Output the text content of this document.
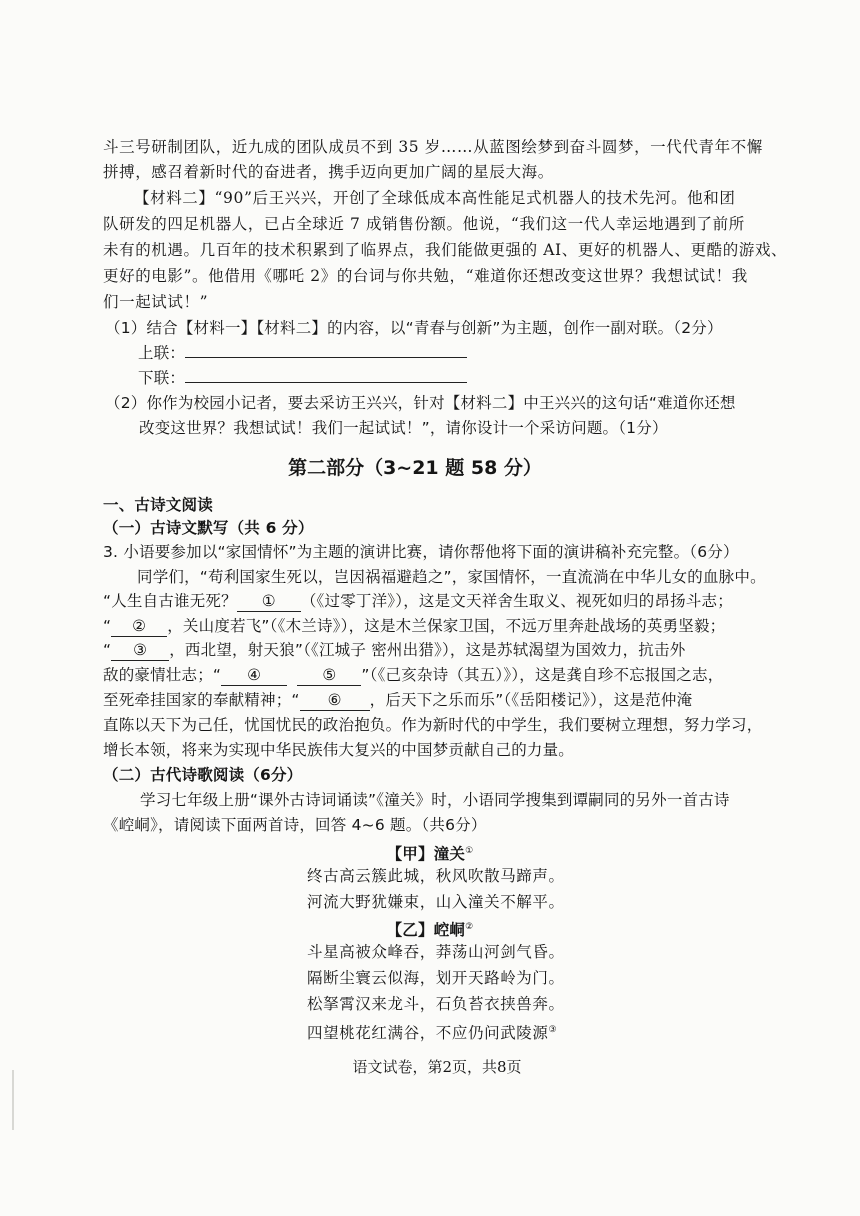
斗三号研制团队，近九成的团队成员不到 35 岁……从蓝图绘梦到奋斗圆梦，一代代青年不懈
拼搏，感召着新时代的奋进者，携手迈向更加广阔的星辰大海。
【材料二】“90”后王兴兴，开创了全球低成本高性能足式机器人的技术先河。他和团
队研发的四足机器人，已占全球近 7 成销售份额。他说，“我们这一代人幸运地遇到了前所
未有的机遇。几百年的技术积累到了临界点，我们能做更强的 AI、更好的机器人、更酷的游戏、
更好的电影”。他借用《哪吒 2》的台词与你共勉，“难道你还想改变这世界？我想试试！我
们一起试试！”
（1）结合【材料一】【材料二】的内容，以“青春与创新”为主题，创作一副对联。（2分）
上联：
下联：
（2）你作为校园小记者，要去采访王兴兴，针对【材料二】中王兴兴的这句话“难道你还想
改变这世界？我想试试！我们一起试试！”，请你设计一个采访问题。（1分）
第二部分（3~21 题 58 分）
一、古诗文阅读
（一）古诗文默写（共 6 分）
3. 小语要参加以“家国情怀”为主题的演讲比赛，请你帮他将下面的演讲稿补充完整。（6分）
同学们，“苟利国家生死以，岂因祸福避趋之”，家国情怀，一直流淌在中华儿女的血脉中。
“人生自古谁无死？ ① （《过零丁洋》），这是文天祥舍生取义、视死如归的昂扬斗志；
“ ② ，关山度若飞”（《木兰诗》），这是木兰保家卫国，不远万里奔赴战场的英勇坚毅；
“ ③ ，西北望，射天狼”（《江城子 密州出猎》），这是苏轼渴望为国效力，抗击外
敌的豪情壮志；“ ④	⑤ ”（《己亥杂诗（其五）》），这是龚自珍不忘报国之志，
至死牵挂国家的奉献精神；“ ⑥ ，后天下之乐而乐”（《岳阳楼记》），这是范仲淹
直陈以天下为己任，忧国忧民的政治抱负。作为新时代的中学生，我们要树立理想，努力学习，
增长本领，将来为实现中华民族伟大复兴的中国梦贡献自己的力量。
（二）古代诗歌阅读（6分）
学习七年级上册“课外古诗词诵读”《潼关》时，小语同学搜集到谭嗣同的另外一首古诗
《崆峒》，请阅读下面两首诗，回答 4~6 题。（共6分）
【甲】潼关①
终古高云簇此城，秋风吹散马蹄声。
河流大野犹嫌束，山入潼关不解平。
【乙】崆峒②
斗星高被众峰吞，莽荡山河剑气昏。
隔断尘寰云似海，划开天路岭为门。
松拏霄汉来龙斗，石负苔衣挟兽奔。
四望桃花红满谷，不应仍问武陵源③
语文试卷，第2页，共8页
